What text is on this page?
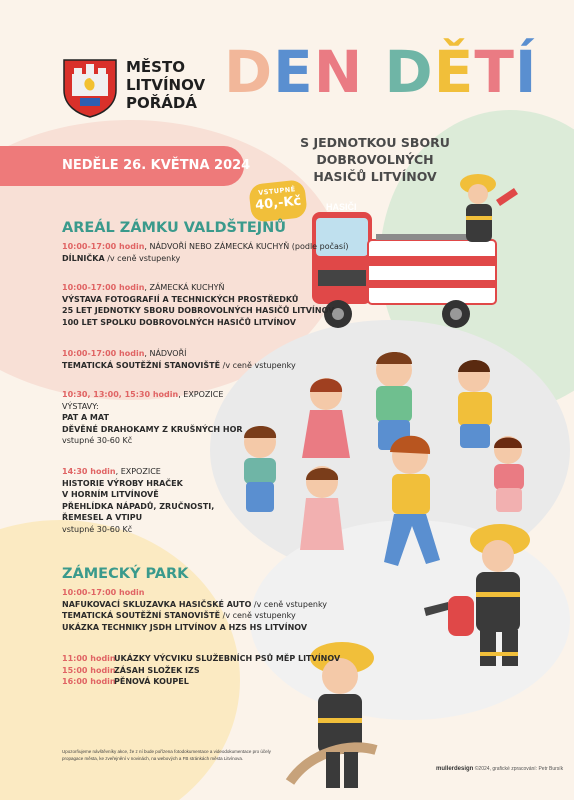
MĚSTO
LITVÍNOV
POŘÁDÁ DEN DĚTÍ
S JEDNOTKOU SBORU DOBROVOLNÝCH
HASIČŮ LITVÍNOV
NEDĚLE 26. KVĚTNA 2024
VSTUPNÉ
40,-Kč	HASIČI
AREÁL ZÁMKU VALDŠTEJNŮ
10:00-17:00 hodin, NÁDVOŘÍ NEBO ZÁMECKÁ KUCHYŇ (podle počasí)
DÍLNIČKA /v ceně vstupenky
10:00-17:00 hodin, ZÁMECKÁ KUCHYŇ
VÝSTAVA FOTOGRAFIÍ A TECHNICKÝCH PROSTŘEDKŮ
25 LET JEDNOTKY SBORU DOBROVOLNÝCH HASIČŮ LITVÍNOV
100 LET SPOLKU DOBROVOLNÝCH HASIČŮ LITVÍNOV
10:00-17:00 hodin, NÁDVOŘÍ
TEMATICKÁ SOUTĚŽNÍ STANOVIŠTĚ /v ceně vstupenky
10:30, 13:00, 15:30 hodin, EXPOZICE
VÝSTAVY:
PAT A MAT
DĚVĚNÉ DRAHOKAMY Z KRUŠNÝCH HOR
vstupné 30-60 Kč
14:30 hodin, EXPOZICE
HISTORIE VÝROBY HRAČEK
V HORNÍM LITVÍNOVĚ
PŘEHLÍDKA NÁPADŮ, ZRUČNOSTI,
ŘEMESEL A VTIPU
vstupné 30-60 Kč
ZÁMECKÝ PARK
10:00-17:00 hodin
NAFUKOVACÍ SKLUZAVKA HASIČSKÉ AUTO /v ceně vstupenky
TEMATICKÁ SOUTĚŽNÍ STANOVIŠTĚ /v ceně vstupenky
UKÁZKA TECHNIKY JSDH LITVÍNOV A HZS HS LITVÍNOV
11:00 hodinUKÁZKY VÝCVIKU SLUŽEBNÍCH PSŮ MĚP LITVÍNOV
15:00 hodinZÁSAH SLOŽEK IZS
16:00 hodinPĚNOVÁ KOUPEL
Upozorňujeme návštěvníky akce, že z ní bude pořízena fotodokumentace a videodokumentace pro účely propagace města, ke zveřejnění v novinách, na webových a FB stránkách města Litvínova.
mullerdesign ©2024, grafické zpracování: Petr Bursík
